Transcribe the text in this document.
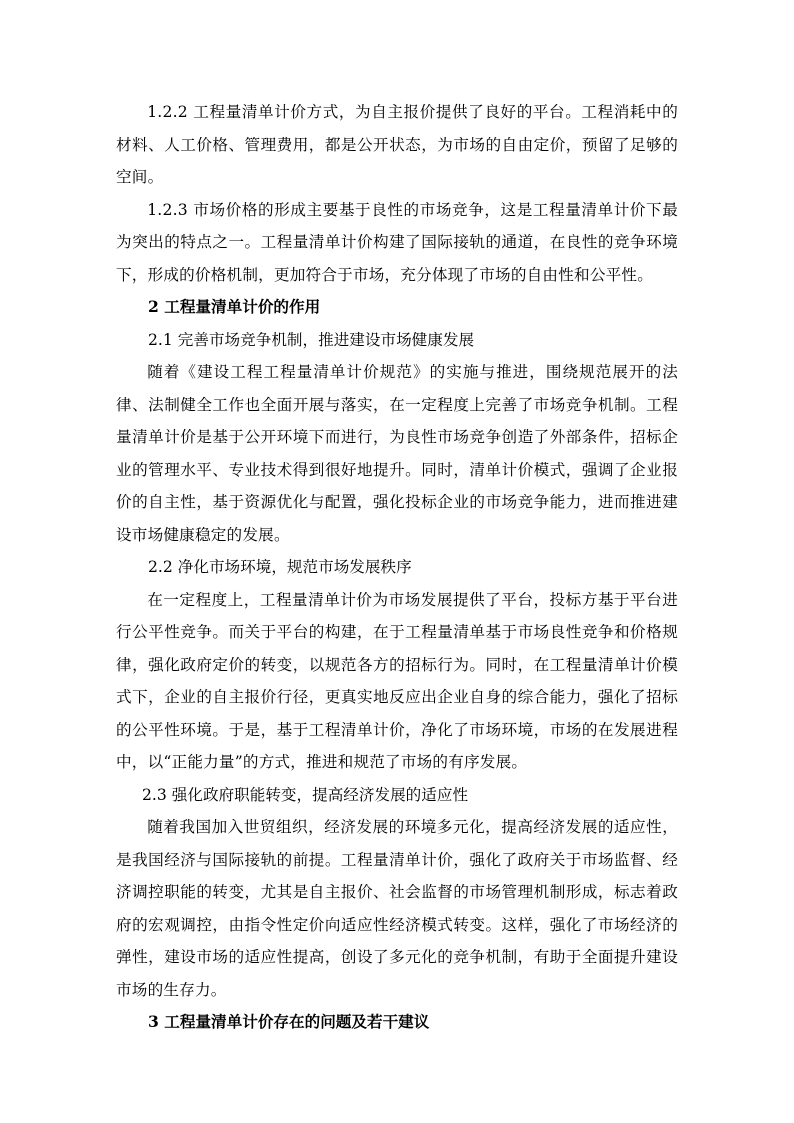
1.2.2 工程量清单计价方式，为自主报价提供了良好的平台。工程消耗中的材料、人工价格、管理费用，都是公开状态，为市场的自由定价，预留了足够的空间。

1.2.3 市场价格的形成主要基于良性的市场竞争，这是工程量清单计价下最为突出的特点之一。工程量清单计价构建了国际接轨的通道，在良性的竞争环境下，形成的价格机制，更加符合于市场，充分体现了市场的自由性和公平性。

2 工程量清单计价的作用

2.1 完善市场竞争机制，推进建设市场健康发展

随着《建设工程工程量清单计价规范》的实施与推进，围绕规范展开的法律、法制健全工作也全面开展与落实，在一定程度上完善了市场竞争机制。工程量清单计价是基于公开环境下而进行，为良性市场竞争创造了外部条件，招标企业的管理水平、专业技术得到很好地提升。同时，清单计价模式，强调了企业报价的自主性，基于资源优化与配置，强化投标企业的市场竞争能力，进而推进建设市场健康稳定的发展。

2.2 净化市场环境，规范市场发展秩序

在一定程度上，工程量清单计价为市场发展提供了平台，投标方基于平台进行公平性竞争。而关于平台的构建，在于工程量清单基于市场良性竞争和价格规律，强化政府定价的转变，以规范各方的招标行为。同时，在工程量清单计价模式下，企业的自主报价行径，更真实地反应出企业自身的综合能力，强化了招标的公平性环境。于是，基于工程清单计价，净化了市场环境，市场的在发展进程中，以“正能力量”的方式，推进和规范了市场的有序发展。

2.3 强化政府职能转变，提高经济发展的适应性

随着我国加入世贸组织，经济发展的环境多元化，提高经济发展的适应性，是我国经济与国际接轨的前提。工程量清单计价，强化了政府关于市场监督、经济调控职能的转变，尤其是自主报价、社会监督的市场管理机制形成，标志着政府的宏观调控，由指令性定价向适应性经济模式转变。这样，强化了市场经济的弹性，建设市场的适应性提高，创设了多元化的竞争机制，有助于全面提升建设市场的生存力。

3 工程量清单计价存在的问题及若干建议
